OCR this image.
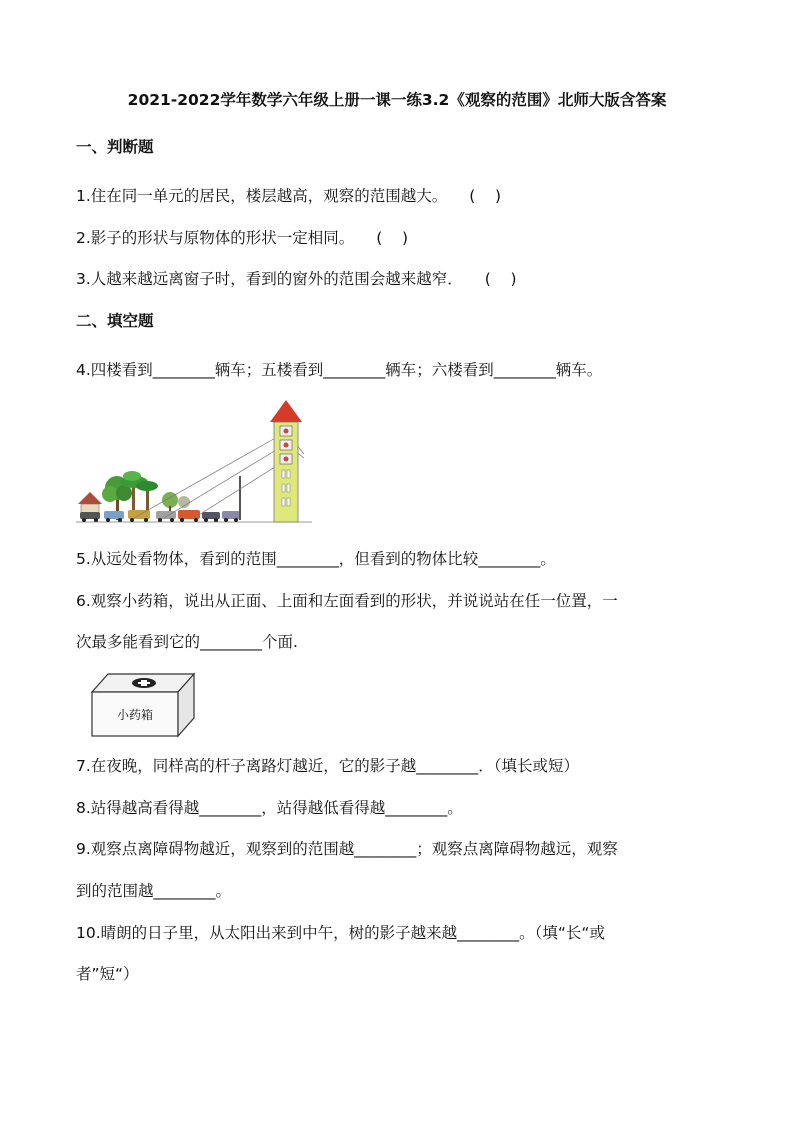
2021-2022学年数学六年级上册一课一练3.2《观察的范围》北师大版含答案
一、判断题
1.住在同一单元的居民，楼层越高，观察的范围越大。 (    )
2.影子的形状与原物体的形状一定相同。 (    )
3.人越来越远离窗子时，看到的窗外的范围会越来越窄． (    )
二、填空题
4.四楼看到________辆车；五楼看到________辆车；六楼看到________辆车。
5.从远处看物体，看到的范围________，但看到的物体比较________。
6.观察小药箱，说出从正面、上面和左面看到的形状，并说说站在任一位置，一
次最多能看到它的________个面.
小药箱
7.在夜晚，同样高的杆子离路灯越近，它的影子越________．（填长或短）
8.站得越高看得越________，站得越低看得越________。
9.观察点离障碍物越近，观察到的范围越________；观察点离障碍物越远，观察
到的范围越________。
10.晴朗的日子里，从太阳出来到中午，树的影子越来越________。（填“长“或
者”短“）
